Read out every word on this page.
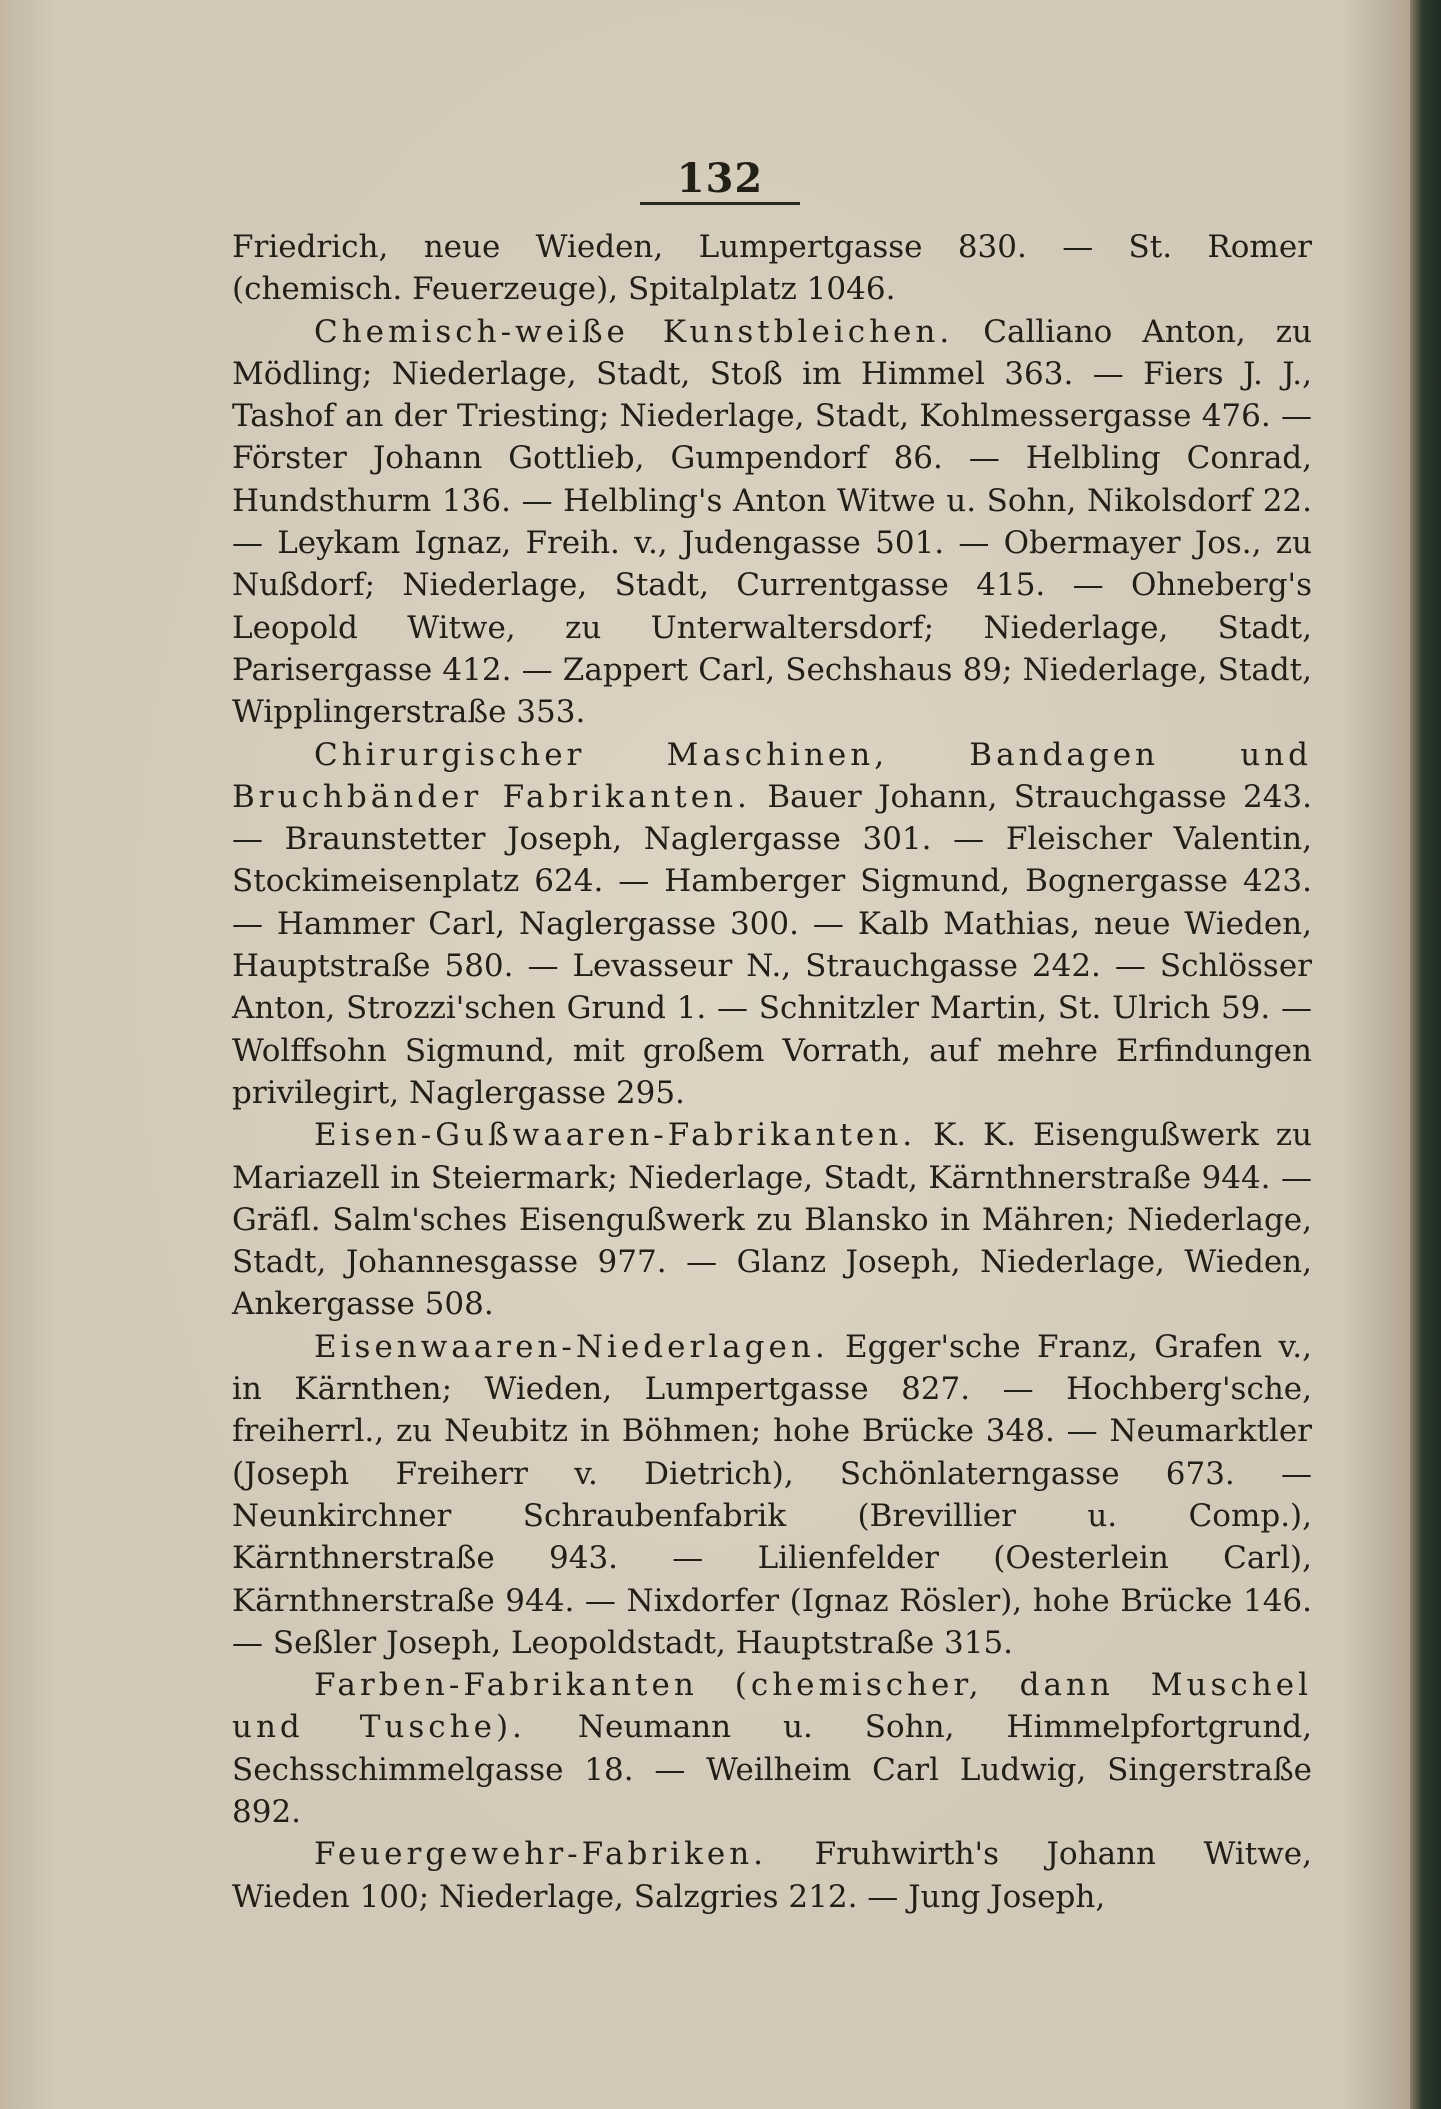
132

Friedrich, neue Wieden, Lumpertgasse 830. — St. Romer (chemisch. Feuerzeuge), Spitalplatz 1046.

Chemisch-weiße Kunstbleichen. Calliano Anton, zu Mödling; Niederlage, Stadt, Stoß im Himmel 363. — Fiers J. J., Tashof an der Triesting; Niederlage, Stadt, Kohlmessergasse 476. — Förster Johann Gottlieb, Gumpendorf 86. — Helbling Conrad, Hundsthurm 136. — Helbling's Anton Witwe u. Sohn, Nikolsdorf 22. — Leykam Ignaz, Freih. v., Judengasse 501. — Obermayer Jos., zu Nußdorf; Niederlage, Stadt, Currentgasse 415. — Ohneberg's Leopold Witwe, zu Unterwaltersdorf; Niederlage, Stadt, Parisergasse 412. — Zappert Carl, Sechshaus 89; Niederlage, Stadt, Wipplingerstraße 353.

Chirurgischer Maschinen, Bandagen und Bruchbänder Fabrikanten. Bauer Johann, Strauchgasse 243. — Braunstetter Joseph, Naglergasse 301. — Fleischer Valentin, Stockimeisenplatz 624. — Hamberger Sigmund, Bognergasse 423. — Hammer Carl, Naglergasse 300. — Kalb Mathias, neue Wieden, Hauptstraße 580. — Levasseur N., Strauchgasse 242. — Schlösser Anton, Strozzi'schen Grund 1. — Schnitzler Martin, St. Ulrich 59. — Wolffsohn Sigmund, mit großem Vorrath, auf mehre Erfindungen privilegirt, Naglergasse 295.

Eisen-Gußwaaren-Fabrikanten. K. K. Eisengußwerk zu Mariazell in Steiermark; Niederlage, Stadt, Kärnthnerstraße 944. — Gräfl. Salm'sches Eisengußwerk zu Blansko in Mähren; Niederlage, Stadt, Johannesgasse 977. — Glanz Joseph, Niederlage, Wieden, Ankergasse 508.

Eisenwaaren-Niederlagen. Egger'sche Franz, Grafen v., in Kärnthen; Wieden, Lumpertgasse 827. — Hochberg'sche, freiherrl., zu Neubitz in Böhmen; hohe Brücke 348. — Neumarktler (Joseph Freiherr v. Dietrich), Schönlaterngasse 673. — Neunkirchner Schraubenfabrik (Brevillier u. Comp.), Kärnthnerstraße 943. — Lilienfelder (Oesterlein Carl), Kärnthnerstraße 944. — Nixdorfer (Ignaz Rösler), hohe Brücke 146. — Seßler Joseph, Leopoldstadt, Hauptstraße 315.

Farben-Fabrikanten (chemischer, dann Muschel und Tusche). Neumann u. Sohn, Himmelpfortgrund, Sechsschimmelgasse 18. — Weilheim Carl Ludwig, Singerstraße 892.

Feuergewehr-Fabriken. Fruhwirth's Johann Witwe, Wieden 100; Niederlage, Salzgries 212. — Jung Joseph,
